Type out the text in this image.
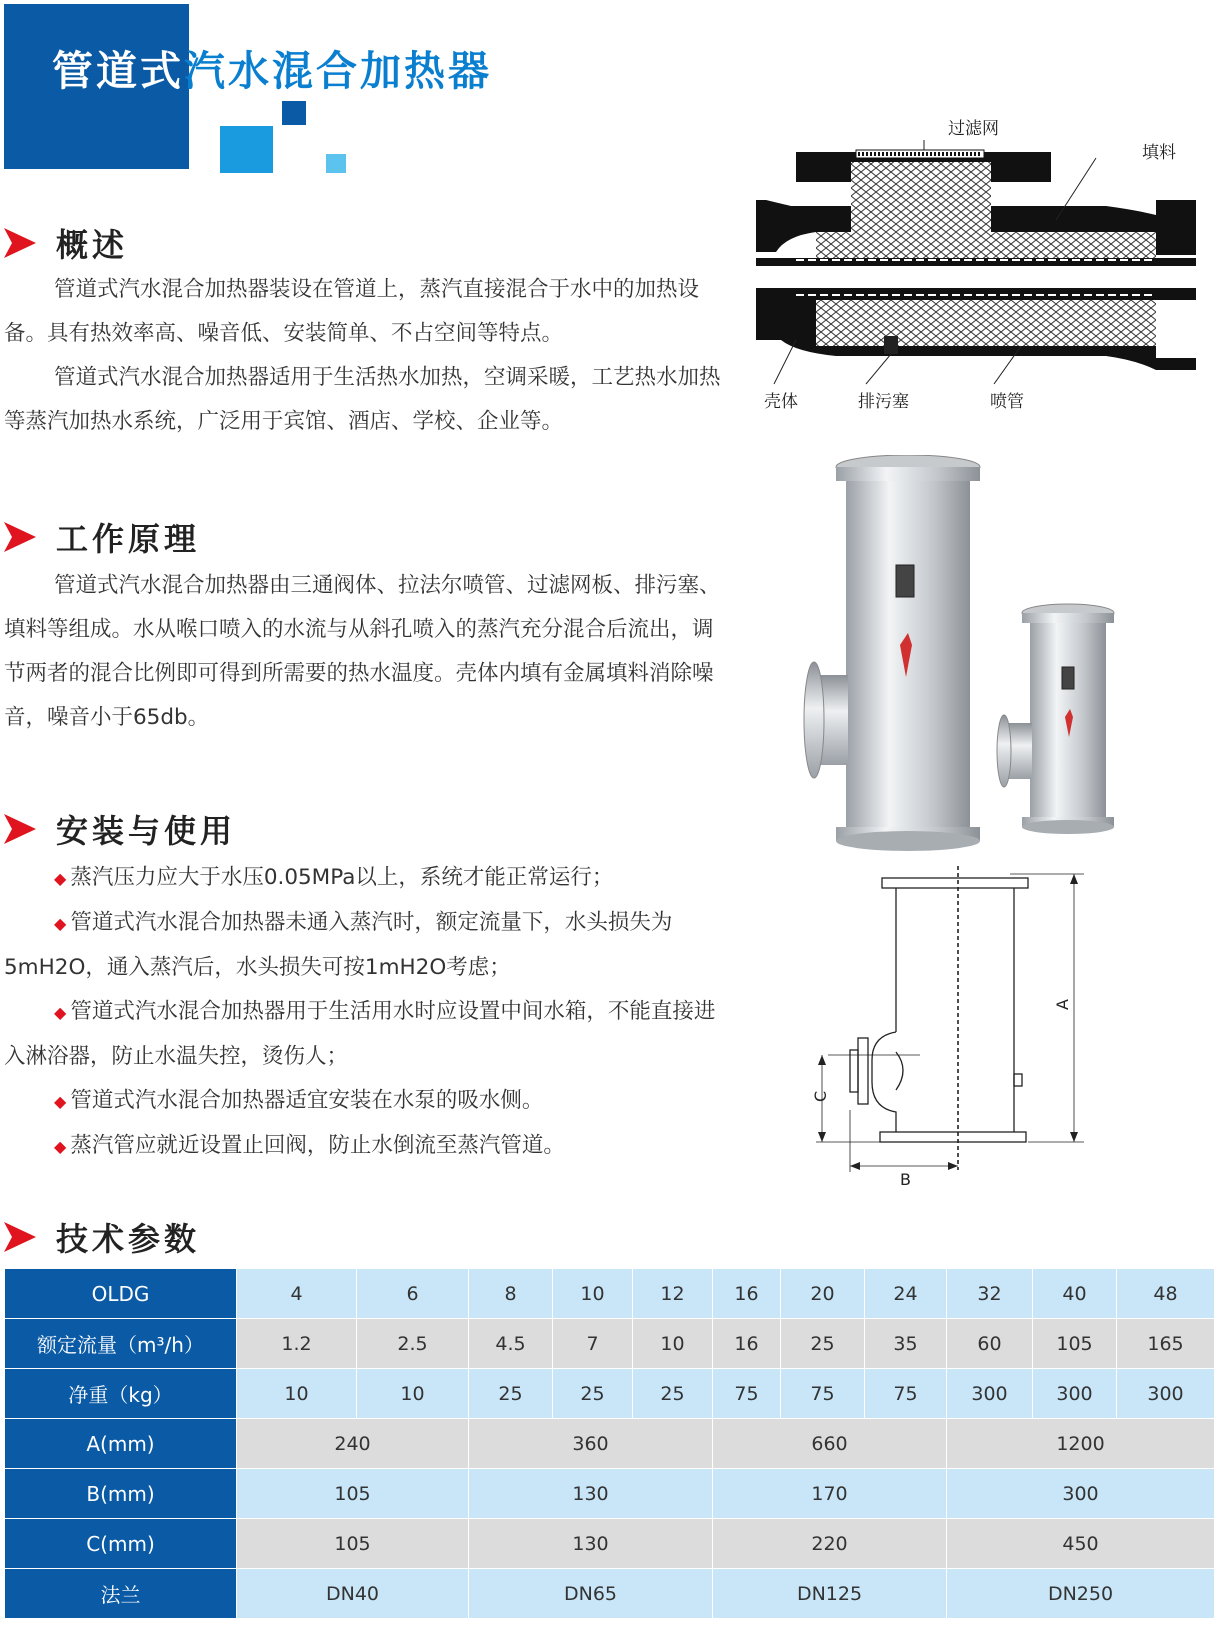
管道式汽水混合加热器
概述

管道式汽水混合加热器装设在管道上，蒸汽直接混合于水中的加热设备。具有热效率高、噪音低、安装简单、不占空间等特点。

管道式汽水混合加热器适用于生活热水加热，空调采暖，工艺热水加热等蒸汽加热水系统，广泛用于宾馆、酒店、学校、企业等。

工作原理

管道式汽水混合加热器由三通阀体、拉法尔喷管、过滤网板、排污塞、填料等组成。水从喉口喷入的水流与从斜孔喷入的蒸汽充分混合后流出，调节两者的混合比例即可得到所需要的热水温度。壳体内填有金属填料消除噪音，噪音小于65db。

安装与使用

◆ 蒸汽压力应大于水压0.05MPa以上，系统才能正常运行；

◆ 管道式汽水混合加热器未通入蒸汽时，额定流量下，水头损失为5mH2O，通入蒸汽后，水头损失可按1mH2O考虑；

◆ 管道式汽水混合加热器用于生活用水时应设置中间水箱，不能直接进入淋浴器，防止水温失控，烫伤人；

◆ 管道式汽水混合加热器适宜安装在水泵的吸水侧。

◆ 蒸汽管应就近设置止回阀，防止水倒流至蒸汽管道。

技术参数
过滤网
填料
壳体	排污塞	喷管
A
B
C
OLDG	4	6	8	10	12	16	20	24	32	40	48
额定流量（m³/h）	1.2	2.5	4.5	7	10	16	25	35	60	105	165
净重（kg）	10	10	25	25	25	75	75	75	300	300	300
A(mm)	240		360			660			1200		
B(mm)	105		130			170			300		
C(mm)	105		130			220			450		
法兰	DN40		DN65			DN125			DN250		
